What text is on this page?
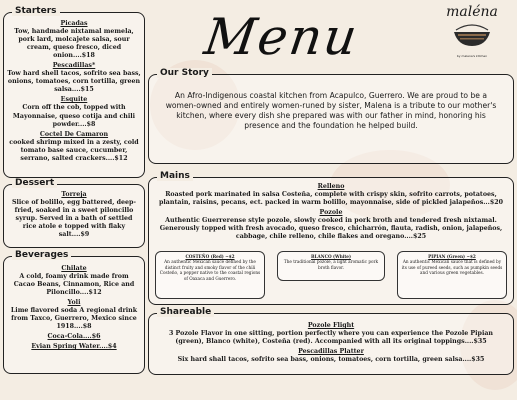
Starters
Picadas
Tow, handmade nixtamal memela, pork lard, molcajete salsa, sour cream, queso fresco, diced onion....$18
Pescadillas*
Tow hard shell tacos, sofrito sea bass, onions, tomatoes, corn tortilla, green salsa....$15
Esquite
Corn off the cob, topped with Mayonnaise, queso cotija and chili powder....$8
Coctel De Camaron
cooked shrimp mixed in a zesty, cold tomato base sauce, cucumber, serrano, salted crackers....$12
Dessert
Torreja
Slice of bolillo, egg battered, deep-fried, soaked in a sweet piloncillo syrup. Served in a bath of settled rice atole e topped with flaky salt....$9
Beverages
Chilate
A cold, foamy drink made from Cacao Beans, Cinnamon, Rice and Piloncillo....$12
Yoli
Lime flavored soda A regional drink from Taxco, Guerrero, Mexico since 1918....$8
Coca-Cola....$6
Evian Spring Water....$4
Menu	maléna
by malena's kitchen
Our Story
An Afro-Indigenous coastal kitchen from Acapulco, Guerrero. We are proud to be a women-owned and entirely women-runed by sister, Malena is a tribute to our mother's kitchen, where every dish she prepared was with our father in mind, honoring his presence and the foundation he helped build.
Mains
Relleno
Roasted pork marinated in salsa Costeña, complete with crispy skin, sofrito carrots, potatoes, plantain, raisins, pecans, ect. packed in warm bolillo, mayonnaise, side of pickled jalapeños...$20
Pozole
Authentic Guerrerense style pozole, slowly cooked in pork broth and tendered fresh nixtamal. Generously topped with fresh avocado, queso fresco, chicharrón, flauta, radish, onion, jalapeños, cabbage, chile relleno, chile flakes and oregano....$25
COSTEÑO (Red) ~$2
An authentic Mexican sauce defined by the distinct fruity and smoky flavor of the chili Costeño, a pepper native to the coastal regions of Oaxaca and Guerrero.
BLANCO (White)
The traditional pozole, a light aromatic pork broth flavor.
PIPIAN (Green) ~$2
An authentic Mexican sauce that is defined by its use of pureed seeds, such as pumpkin seeds and various green vegetables.
Shareable
Pozole Flight
3 Pozole Flavor in one sitting, portion perfectly where you can experience the Pozole Pipian (green), Blanco (white), Costeña (red). Accompanied with all its original toppings....$35
Pescadillas Platter
Six hard shall tacos, sofrito sea bass, onions, tomatoes, corn tortilla, green salsa....$35
